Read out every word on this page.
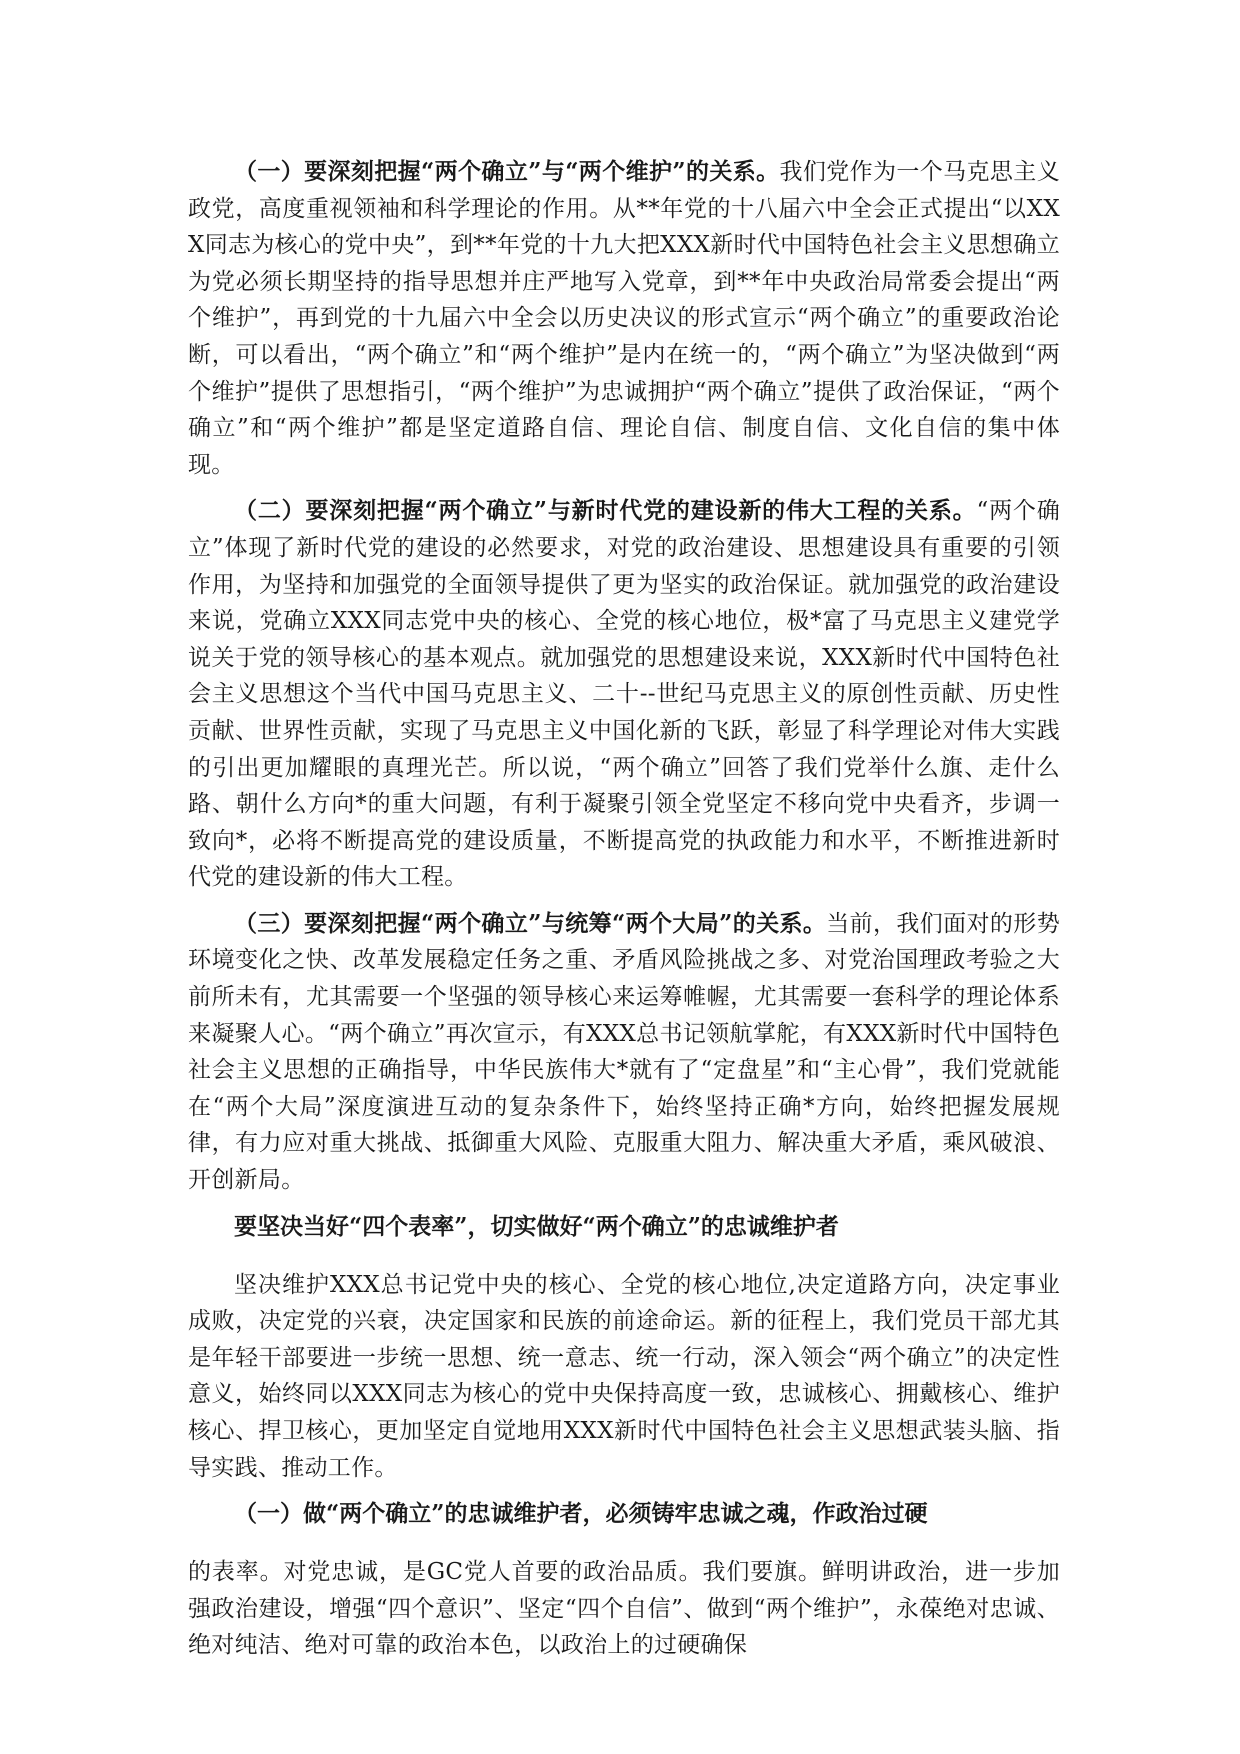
（一）要深刻把握“两个确立”与“两个维护”的关系。我们党作为一个马克思主义政党，高度重视领袖和科学理论的作用。从**年党的十八届六中全会正式提出“以XXX同志为核心的党中央”，到**年党的十九大把XXX新时代中国特色社会主义思想确立为党必须长期坚持的指导思想并庄严地写入党章，到**年中央政治局常委会提出“两个维护”，再到党的十九届六中全会以历史决议的形式宣示“两个确立”的重要政治论断，可以看出，“两个确立”和“两个维护”是内在统一的，“两个确立”为坚决做到“两个维护”提供了思想指引，“两个维护”为忠诚拥护“两个确立”提供了政治保证，“两个确立”和“两个维护”都是坚定道路自信、理论自信、制度自信、文化自信的集中体现。

（二）要深刻把握“两个确立”与新时代党的建设新的伟大工程的关系。“两个确立”体现了新时代党的建设的必然要求，对党的政治建设、思想建设具有重要的引领作用，为坚持和加强党的全面领导提供了更为坚实的政治保证。就加强党的政治建设来说，党确立XXX同志党中央的核心、全党的核心地位，极*富了马克思主义建党学说关于党的领导核心的基本观点。就加强党的思想建设来说，XXX新时代中国特色社会主义思想这个当代中国马克思主义、二十--世纪马克思主义的原创性贡献、历史性贡献、世界性贡献，实现了马克思主义中国化新的飞跃，彰显了科学理论对伟大实践的引出更加耀眼的真理光芒。所以说，“两个确立”回答了我们党举什么旗、走什么路、朝什么方向*的重大问题，有利于凝聚引领全党坚定不移向党中央看齐，步调一致向*，必将不断提高党的建设质量，不断提高党的执政能力和水平，不断推进新时代党的建设新的伟大工程。

（三）要深刻把握“两个确立”与统筹“两个大局”的关系。当前，我们面对的形势环境变化之快、改革发展稳定任务之重、矛盾风险挑战之多、对党治国理政考验之大前所未有，尤其需要一个坚强的领导核心来运筹帷幄，尤其需要一套科学的理论体系来凝聚人心。“两个确立”再次宣示，有XXX总书记领航掌舵，有XXX新时代中国特色社会主义思想的正确指导，中华民族伟大*就有了“定盘星”和“主心骨”，我们党就能在“两个大局”深度演进互动的复杂条件下，始终坚持正确*方向，始终把握发展规律，有力应对重大挑战、抵御重大风险、克服重大阻力、解决重大矛盾，乘风破浪、开创新局。

要坚决当好“四个表率”，切实做好“两个确立”的忠诚维护者

坚决维护XXX总书记党中央的核心、全党的核心地位,决定道路方向，决定事业成败，决定党的兴衰，决定国家和民族的前途命运。新的征程上，我们党员干部尤其是年轻干部要进一步统一思想、统一意志、统一行动，深入领会“两个确立”的决定性意义，始终同以XXX同志为核心的党中央保持高度一致，忠诚核心、拥戴核心、维护核心、捍卫核心，更加坚定自觉地用XXX新时代中国特色社会主义思想武装头脑、指导实践、推动工作。

（一）做“两个确立”的忠诚维护者，必须铸牢忠诚之魂，作政治过硬

的表率。对党忠诚，是GC党人首要的政治品质。我们要旗。鲜明讲政治，进一步加强政治建设，增强“四个意识”、坚定“四个自信”、做到“两个维护”，永葆绝对忠诚、绝对纯洁、绝对可靠的政治本色，以政治上的过硬确保
